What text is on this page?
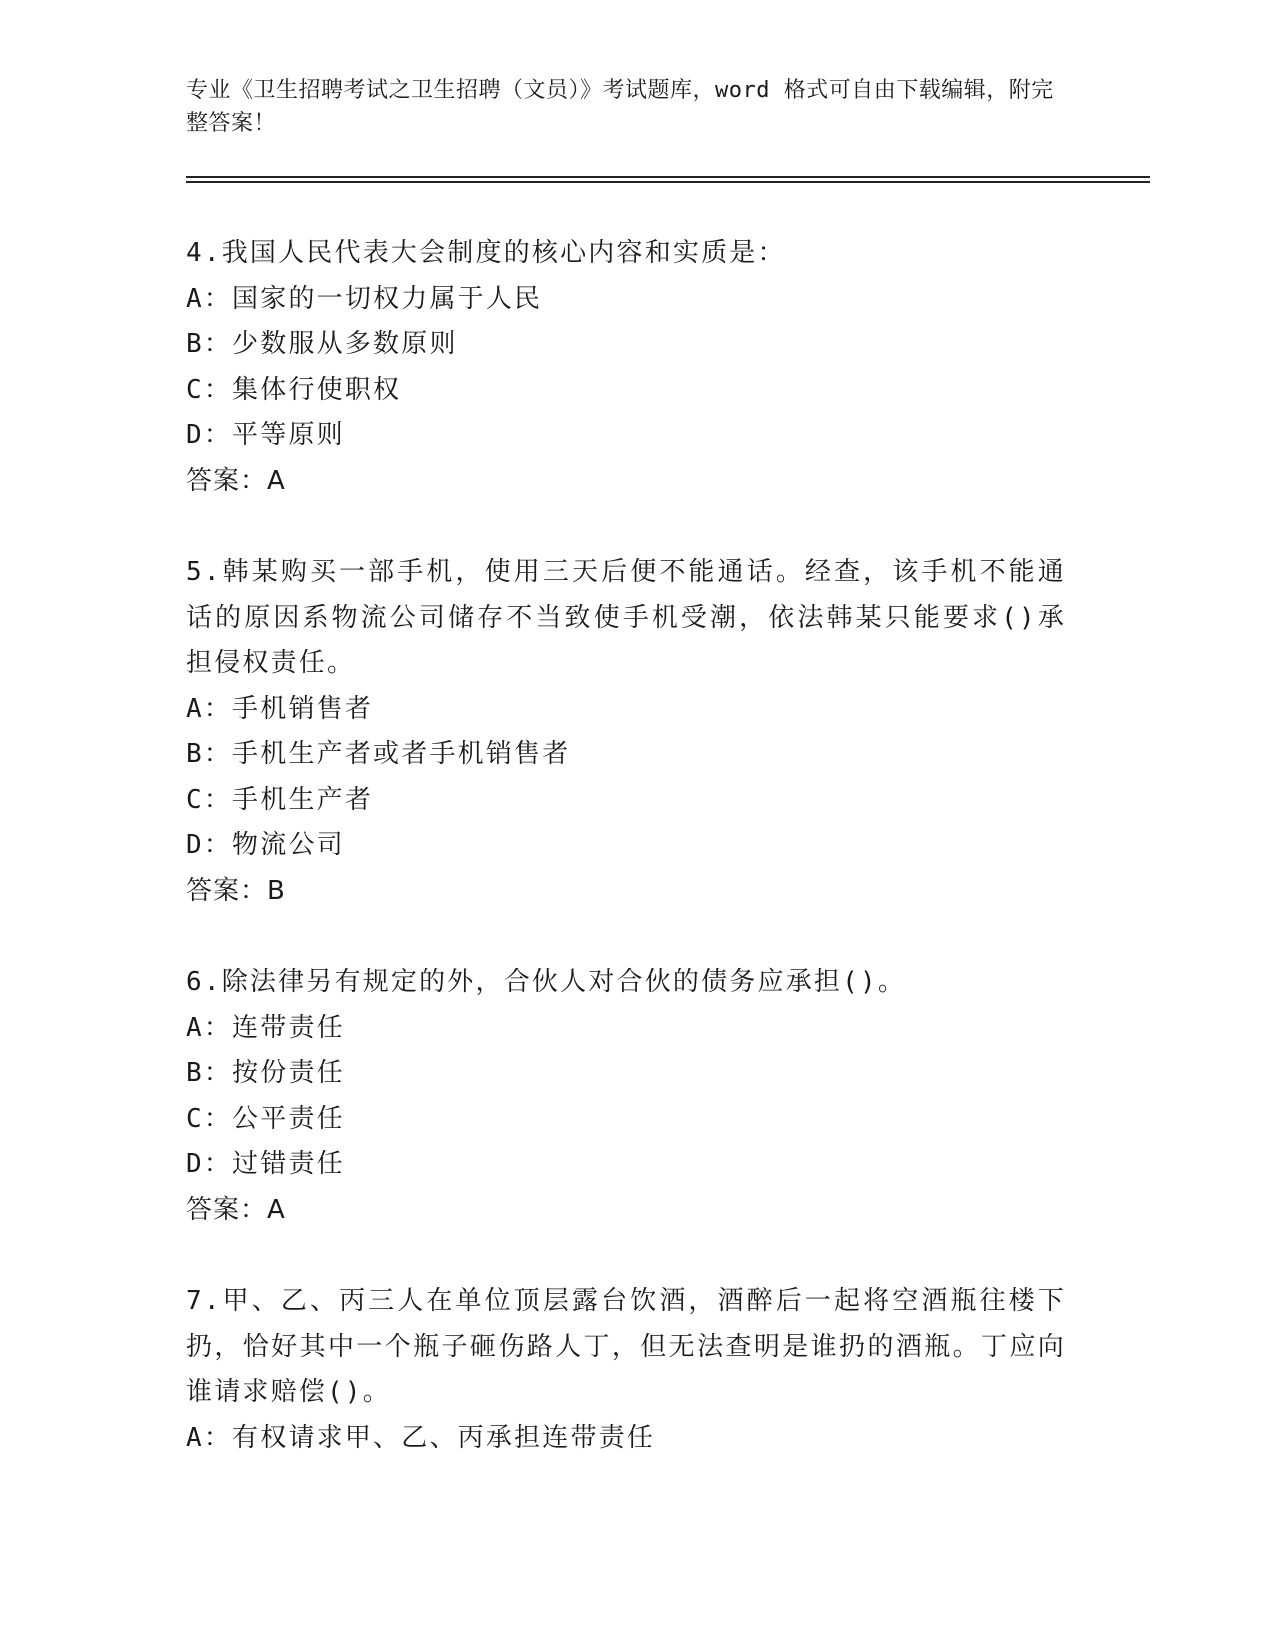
专业《卫生招聘考试之卫生招聘（文员）》考试题库，word 格式可自由下载编辑，附完整答案！
4.我国人民代表大会制度的核心内容和实质是：
A：国家的一切权力属于人民
B：少数服从多数原则
C：集体行使职权
D：平等原则
答案：A
5.韩某购买一部手机，使用三天后便不能通话。经查，该手机不能通话的原因系物流公司储存不当致使手机受潮，依法韩某只能要求()承担侵权责任。
A：手机销售者
B：手机生产者或者手机销售者
C：手机生产者
D：物流公司
答案：B
6.除法律另有规定的外，合伙人对合伙的债务应承担()。
A：连带责任
B：按份责任
C：公平责任
D：过错责任
答案：A
7.甲、乙、丙三人在单位顶层露台饮酒，酒醉后一起将空酒瓶往楼下扔，恰好其中一个瓶子砸伤路人丁，但无法查明是谁扔的酒瓶。丁应向谁请求赔偿()。
A：有权请求甲、乙、丙承担连带责任
